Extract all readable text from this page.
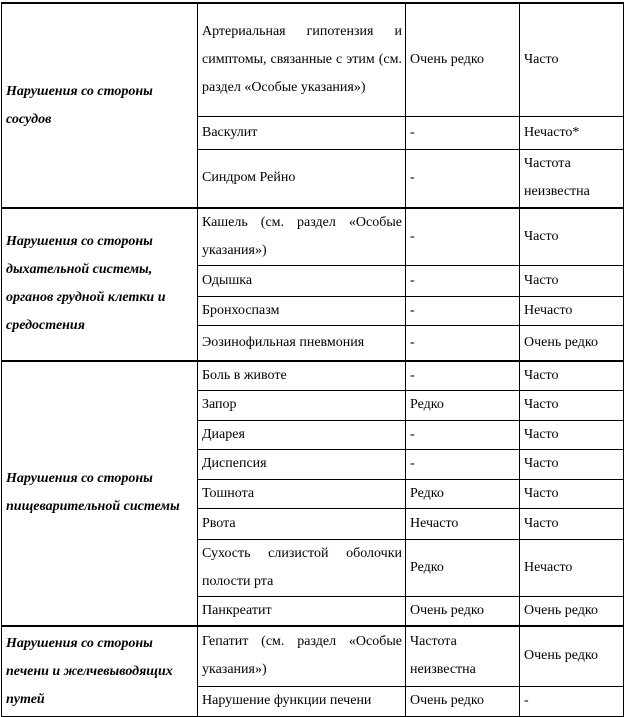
Нарушения со стороны сосудов	Артериальная гипотензия и симптомы, связанные с этим (см. раздел «Особые указания»)	Очень редко	Часто
	Васкулит	-	Нечасто*
	Синдром Рейно	-	Частота неизвестна
Нарушения со стороны дыхательной системы, органов грудной клетки и средостения	Кашель (см. раздел «Особые указания»)	-	Часто
	Одышка	-	Часто
	Бронхоспазм	-	Нечасто
	Эозинофильная пневмония	-	Очень редко
Нарушения со стороны пищеварительной системы	Боль в животе	-	Часто
	Запор	Редко	Часто
	Диарея	-	Часто
	Диспепсия	-	Часто
	Тошнота	Редко	Часто
	Рвота	Нечасто	Часто
	Сухость слизистой оболочки полости рта	Редко	Нечасто
	Панкреатит	Очень редко	Очень редко
Нарушения со стороны печени и желчевыводящих путей	Гепатит (см. раздел «Особые указания»)	Частота неизвестна	Очень редко
	Нарушение функции печени	Очень редко	-
